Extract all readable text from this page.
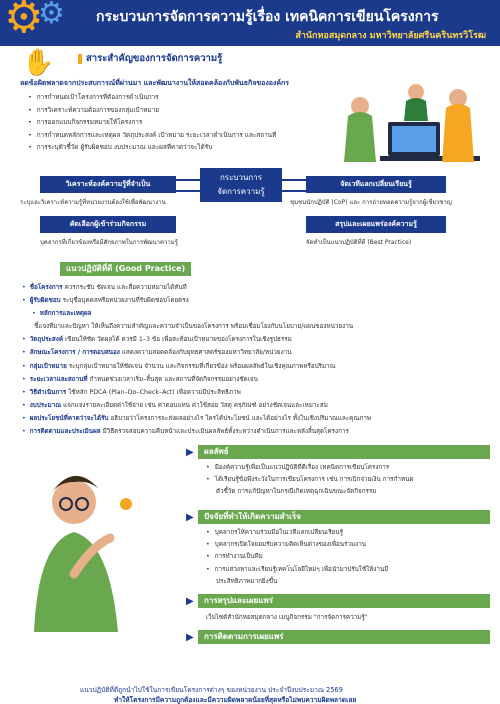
⚙
⚙ กระบวนการจัดการความรู้เรื่อง เทคนิคการเขียนโครงการ
สำนักหอสมุดกลาง มหาวิทยาลัยศรีนครินทรวิโรฒ
✋	สาระสำคัญของการจัดการความรู้
ลดข้อผิดพลาดจากประสบการณ์ที่ผ่านมา และพัฒนางานให้สอดคล้องกับพันธกิจขององค์กร
• การกำหนดเป้าโครงการที่ต้องการดำเนินการ
• การวิเคราะห์ความต้องการของกลุ่มเป้าหมาย
• การออกแบบกิจกรรมหมายให้โครงการ
• การกำหนดหลักการและเหตุผล วัตถุประสงค์ เป้าหมาย ระยะเวลาดำเนินการ และสถานที่
• การระบุตัวชี้วัด ผู้รับผิดชอบ งบประมาณ และผลที่คาดว่าจะได้รับ
วิเคราะห์องค์ความรู้ที่จำเป็น
ระบุและวิเคราะห์ความรู้ที่หน่วยงานต้องใช้เพื่อพัฒนางาน
จัดเวทีแลกเปลี่ยนเรียนรู้
ชุมชนนักปฏิบัติ (CoP) และ การถ่ายทอดความรู้จากผู้เชี่ยวชาญ
กระบวนการ
จัดการความรู้
คัดเลือกผู้เข้าร่วมกิจกรรม
บุคลากรที่เกี่ยวข้องหรือมีศักยภาพในการพัฒนาความรู้
สรุปและเผยแพร่องค์ความรู้
จัดทำเป็นแนวปฏิบัติที่ดี (Best Practice)
แนวปฏิบัติที่ดี (Good Practice)
• ชื่อโครงการ ควรกระชับ ชัดเจน และสื่อความหมายได้ทันที
• ผู้รับผิดชอบ ระบุชื่อบุคคลหรือหน่วยงานที่รับผิดชอบโดยตรง
• หลักการและเหตุผล
ชี้แจงที่มาและปัญหา ให้เห็นถึงความสำคัญและความจำเป็นของโครงการ พร้อมเชื่อมโยงกับนโยบาย/แผนของหน่วยงาน
• วัตถุประสงค์ เขียนให้ชัด วัดผลได้ ควรมี 1–3 ข้อ เพื่อสะท้อนเป้าหมายของโครงการในเชิงรูปธรรม
• ลักษณะโครงการ / การตอบสนอง แสดงความสอดคล้องกับยุทธศาสตร์ของมหาวิทยาลัย/หน่วยงาน
• กลุ่มเป้าหมาย ระบุกลุ่มเป้าหมายให้ชัดเจน จำนวน และกิจกรรมที่เกี่ยวข้อง พร้อมผลลัพธ์ในเชิงคุณภาพหรือปริมาณ
• ระยะเวลาและสถานที่ กำหนดช่วงเวลาเริ่ม–สิ้นสุด และสถานที่จัดกิจกรรมอย่างชัดเจน
• วิธีดำเนินการ ใช้หลัก PDCA (Plan–Do–Check–Act) เพื่อความมีประสิทธิภาพ
• งบประมาณ แจกแจงรายละเอียดค่าใช้จ่าย เช่น ค่าตอบแทน ค่าใช้สอย วัสดุ ครุภัณฑ์ อย่างชัดเจนและเหมาะสม
• ผลประโยชน์ที่คาดว่าจะได้รับ อธิบายว่าโครงการจะส่งผลอย่างไร ใครได้ประโยชน์ และได้อย่างไร ทั้งในเชิงปริมาณและคุณภาพ
• การติดตามและประเมินผล มีวิธีตรวจสอบความคืบหน้าและประเมินผลลัพธ์ทั้งระหว่างดำเนินการและหลังสิ้นสุดโครงการ
ผลลัพธ์
• มีองค์ความรู้เพื่อเป็นแนวปฏิบัติที่ดีเรื่อง เทคนิคการเขียนโครงการ
• ได้เรียนรู้ข้อพึงระวังในการเขียนโครงการ เช่น การเบิกจ่ายเงิน การกำหนด
ตัวชี้วัด การแก้ปัญหาในกรณีเกิดเหตุฉุกเฉินขณะจัดกิจกรรม
ปัจจัยที่ทำให้เกิดความสำเร็จ
• บุคลากรให้ความร่วมมือในเวทีแลกเปลี่ยนเรียนรู้
• บุคลากรเปิดใจยอมรับความคิดเห็นต่างของเพื่อนร่วมงาน
• การทำงานเป็นทีม
• การแสวงหาและเรียนรู้เทคโนโลยีใหม่ๆ เพื่อนำมาปรับใช้ให้งานมี
ประสิทธิภาพมากยิ่งขึ้น
การสรุปและเผยแพร่
เว็บไซต์สำนักหอสมุดกลาง เมนูกิจกรรม "การจัดการความรู้"
การติดตามการเผยแพร่
▶
▶
▶
▶
แนวปฏิบัติที่ดีถูกนำไปใช้ในการเขียนโครงการต่างๆ ของหน่วยงาน ประจำปีงบประมาณ 2569
ทำให้โครงการมีความถูกต้องและมีความผิดพลาดน้อยที่สุดหรือไม่พบความผิดพลาดเลย
